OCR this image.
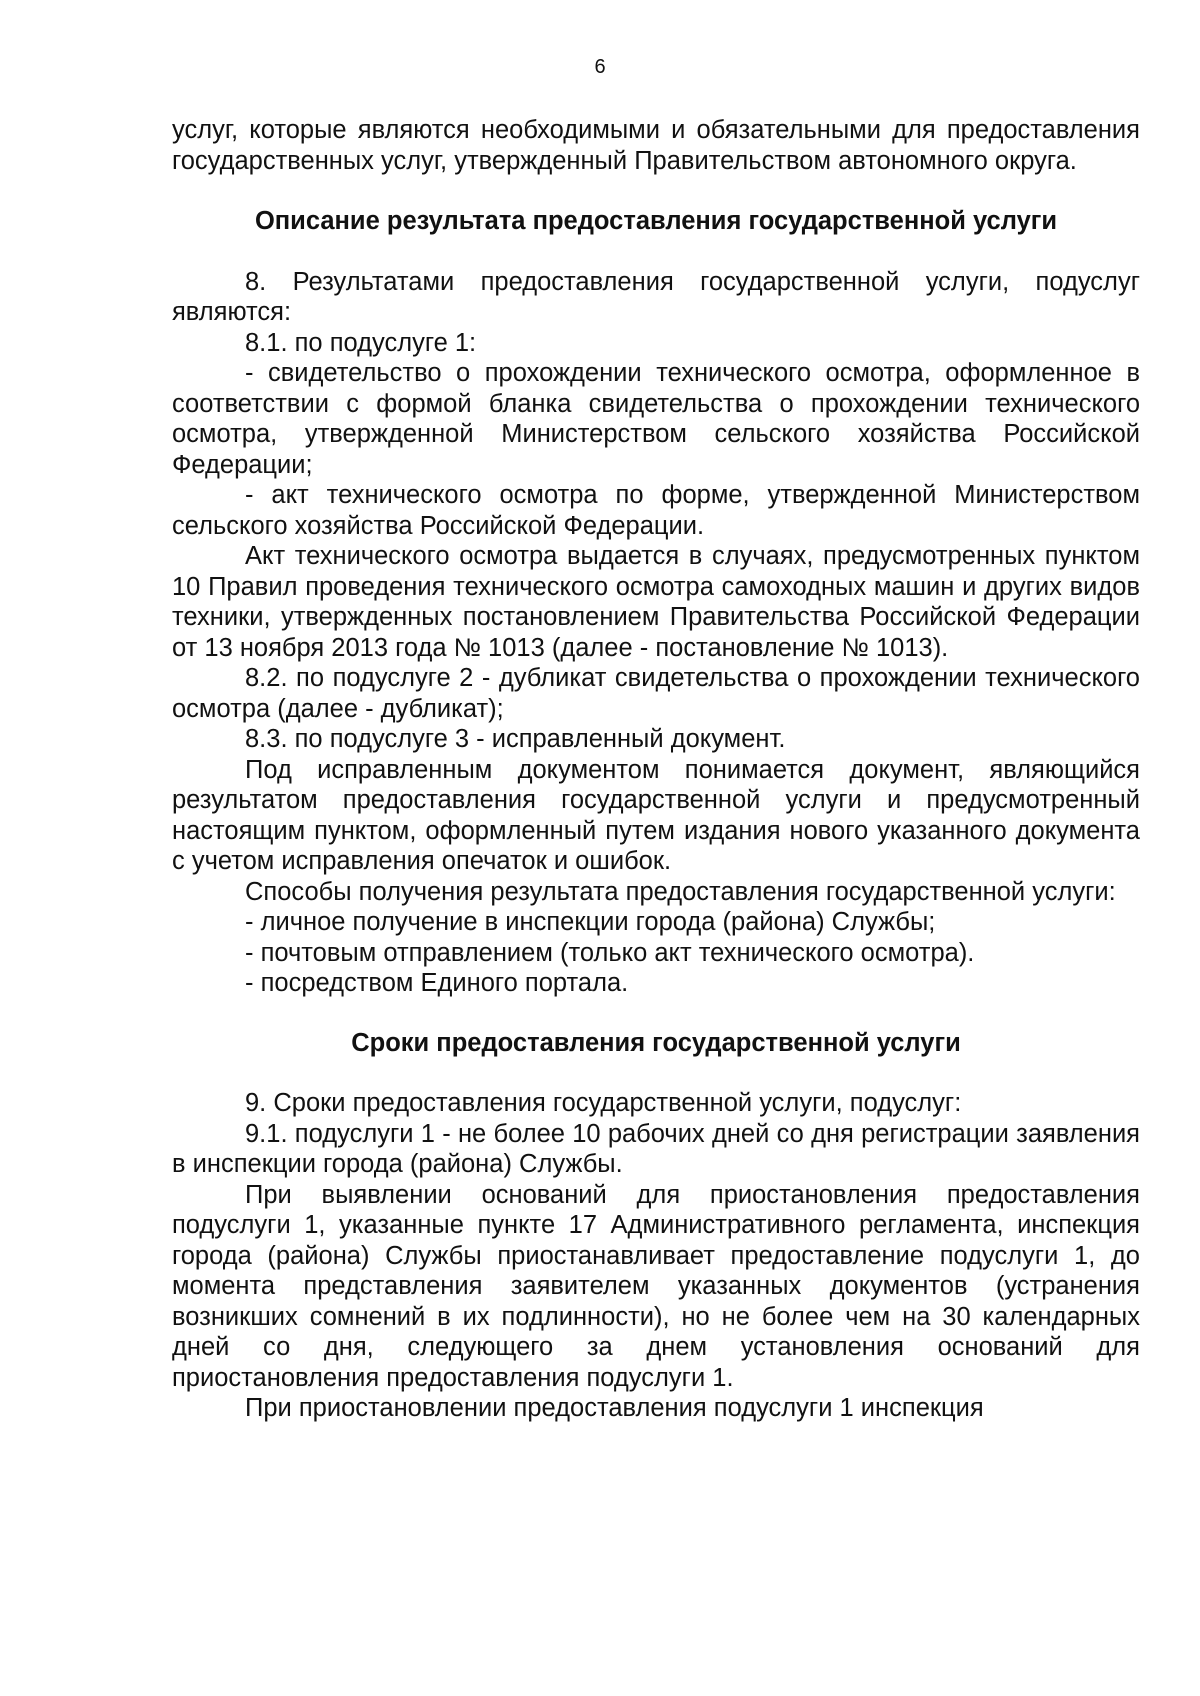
6

услуг, которые являются необходимыми и обязательными для предоставления государственных услуг, утвержденный Правительством автономного округа.

Описание результата предоставления государственной услуги

8. Результатами предоставления государственной услуги, подуслуг являются:

8.1. по подуслуге 1:

- свидетельство о прохождении технического осмотра, оформленное в соответствии с формой бланка свидетельства о прохождении технического осмотра, утвержденной Министерством сельского хозяйства Российской Федерации;

- акт технического осмотра по форме, утвержденной Министерством сельского хозяйства Российской Федерации.

Акт технического осмотра выдается в случаях, предусмотренных пунктом 10 Правил проведения технического осмотра самоходных машин и других видов техники, утвержденных постановлением Правительства Российской Федерации от 13 ноября 2013 года № 1013 (далее - постановление № 1013).

8.2. по подуслуге 2 - дубликат свидетельства о прохождении технического осмотра (далее - дубликат);

8.3. по подуслуге 3 - исправленный документ.

Под исправленным документом понимается документ, являющийся результатом предоставления государственной услуги и предусмотренный настоящим пунктом, оформленный путем издания нового указанного документа с учетом исправления опечаток и ошибок.

Способы получения результата предоставления государственной услуги:

- личное получение в инспекции города (района) Службы;

- почтовым отправлением (только акт технического осмотра).

- посредством Единого портала.

Сроки предоставления государственной услуги

9. Сроки предоставления государственной услуги, подуслуг:

9.1. подуслуги 1 - не более 10 рабочих дней со дня регистрации заявления в инспекции города (района) Службы.

При выявлении оснований для приостановления предоставления подуслуги 1, указанные пункте 17 Административного регламента, инспекция города (района) Службы приостанавливает предоставление подуслуги 1, до момента представления заявителем указанных документов (устранения возникших сомнений в их подлинности), но не более чем на 30 календарных дней со дня, следующего за днем установления оснований для приостановления предоставления подуслуги 1.

При приостановлении предоставления подуслуги 1 инспекция
